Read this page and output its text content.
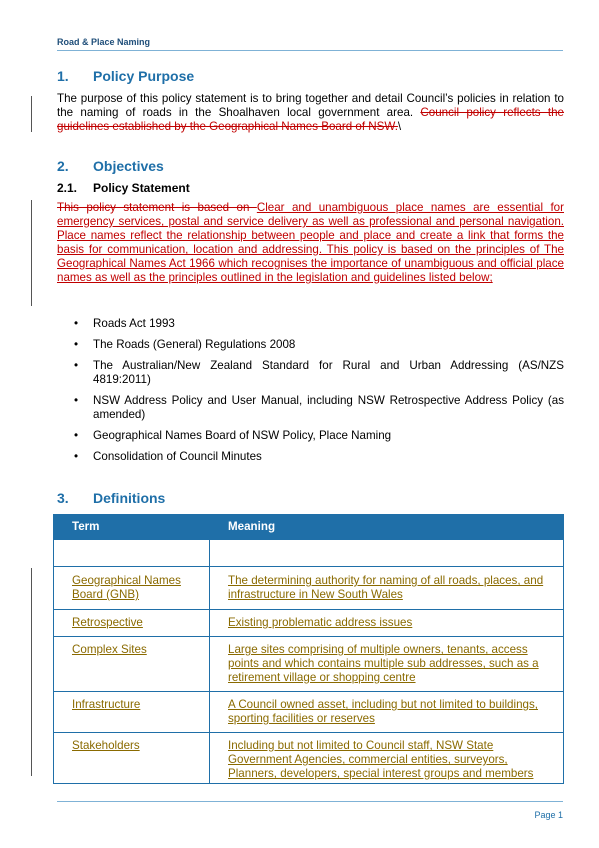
Road & Place Naming
1. Policy Purpose
The purpose of this policy statement is to bring together and detail Council’s policies in relation to the naming of roads in the Shoalhaven local government area. Council policy reflects the guidelines established by the Geographical Names Board of NSW.\
2. Objectives
2.1. Policy Statement
This policy statement is based on Clear and unambiguous place names are essential for emergency services, postal and service delivery as well as professional and personal navigation. Place names reflect the relationship between people and place and create a link that forms the basis for communication, location and addressing. This policy is based on the principles of The Geographical Names Act 1966 which recognises the importance of unambiguous and official place names as well as the principles outlined in the legislation and guidelines listed below;
• Roads Act 1993
• The Roads (General) Regulations 2008
• The Australian/New Zealand Standard for Rural and Urban Addressing (AS/NZS 4819:2011)
• NSW Address Policy and User Manual, including NSW Retrospective Address Policy (as amended)
• Geographical Names Board of NSW Policy, Place Naming
• Consolidation of Council Minutes
3. Definitions
Term	Meaning

Geographical Names Board (GNB)	The determining authority for naming of all roads, places, and infrastructure in New South Wales
Retrospective	Existing problematic address issues
Complex Sites	Large sites comprising of multiple owners, tenants, access points and which contains multiple sub addresses, such as a retirement village or shopping centre
Infrastructure	A Council owned asset, including but not limited to buildings, sporting facilities or reserves
Stakeholders	Including but not limited to Council staff, NSW State Government Agencies, commercial entities, surveyors, Planners, developers, special interest groups and members
Page 1
